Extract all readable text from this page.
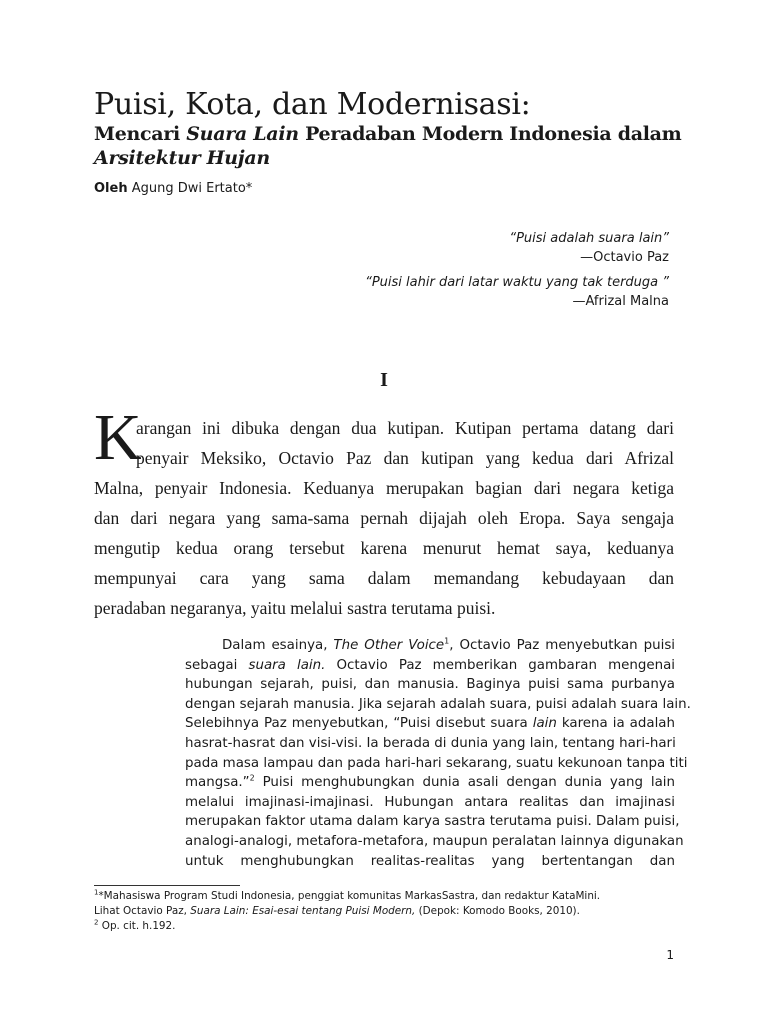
Puisi, Kota, dan Modernisasi:
Mencari Suara Lain Peradaban Modern Indonesia dalam
Arsitektur Hujan
Oleh Agung Dwi Ertato*
“Puisi adalah suara lain”
—Octavio Paz
“Puisi lahir dari latar waktu yang tak terduga ”
—Afrizal Malna
I
K
arangan ini dibuka dengan dua kutipan. Kutipan pertama datang dari
penyair Meksiko, Octavio Paz dan kutipan yang kedua dari Afrizal
Malna, penyair Indonesia. Keduanya merupakan bagian dari negara ketiga
dan dari negara yang sama-sama pernah dijajah oleh Eropa. Saya sengaja
mengutip kedua orang tersebut karena menurut hemat saya, keduanya
mempunyai cara yang sama dalam memandang kebudayaan dan
peradaban negaranya, yaitu melalui sastra terutama puisi.
Dalam esainya, The Other Voice$^1$, Octavio Paz menyebutkan puisi
sebagai suara lain. Octavio Paz memberikan gambaran mengenai
hubungan sejarah, puisi, dan manusia. Baginya puisi sama purbanya
dengan sejarah manusia. Jika sejarah adalah suara, puisi adalah suara lain.
Selebihnya Paz menyebutkan, “Puisi disebut suara lain karena ia adalah
hasrat-hasrat dan visi-visi. Ia berada di dunia yang lain, tentang hari-hari
pada masa lampau dan pada hari-hari sekarang, suatu kekunoan tanpa titi
mangsa.”$^2$ Puisi menghubungkan dunia asali dengan dunia yang lain
melalui imajinasi-imajinasi. Hubungan antara realitas dan imajinasi
merupakan faktor utama dalam karya sastra terutama puisi. Dalam puisi,
analogi-analogi, metafora-metafora, maupun peralatan lainnya digunakan
untuk menghubungkan realitas-realitas yang bertentangan dan
$^1$*Mahasiswa Program Studi Indonesia, penggiat komunitas MarkasSastra, dan redaktur KataMini.
Lihat Octavio Paz, Suara Lain: Esai-esai tentang Puisi Modern, (Depok: Komodo Books, 2010).
$^2$ Op. cit. h.192.
1
